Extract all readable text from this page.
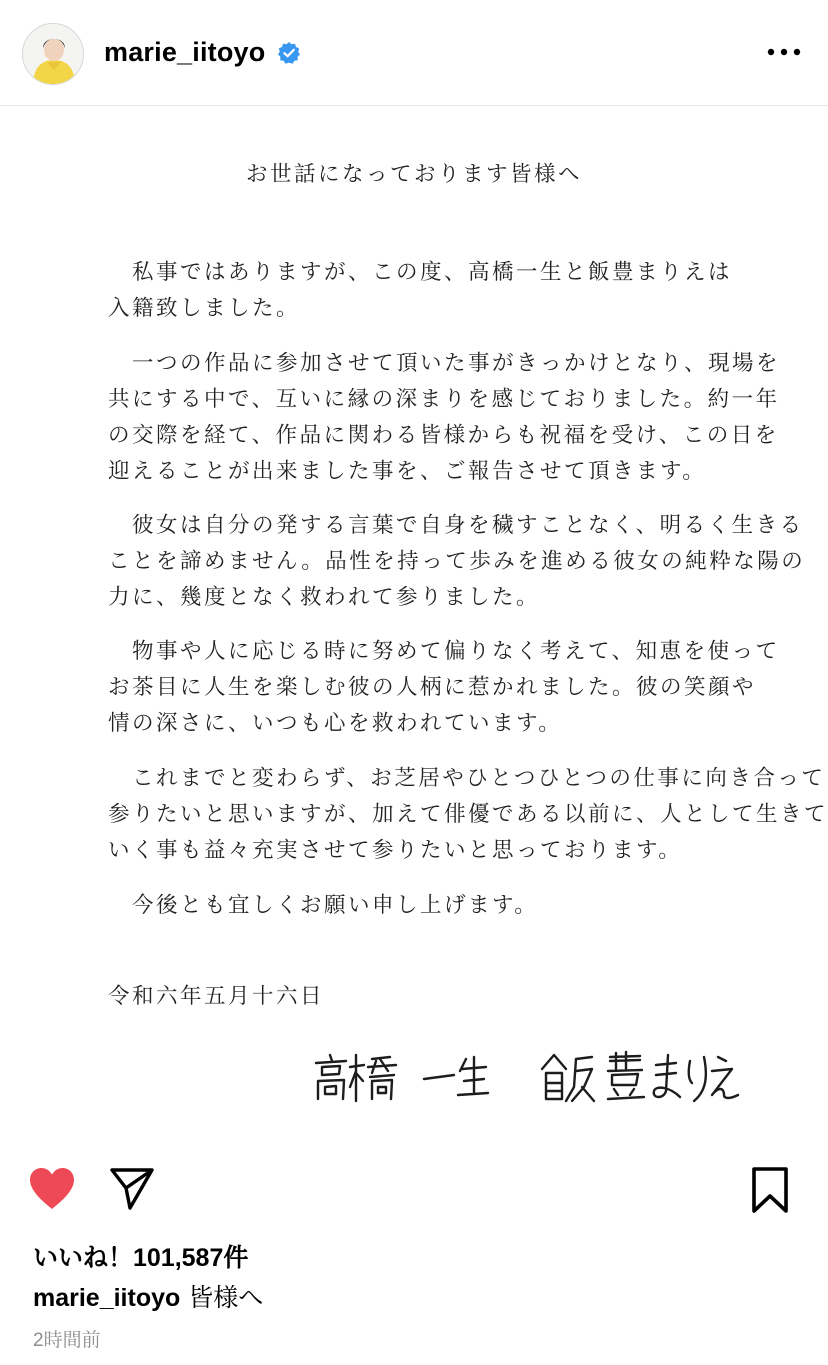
marie_iitoyo
お世話になっております皆様へ

　私事ではありますが、この度、高橋一生と飯豊まりえは
入籍致しました。

　一つの作品に参加させて頂いた事がきっかけとなり、現場を
共にする中で、互いに縁の深まりを感じておりました。約一年
の交際を経て、作品に関わる皆様からも祝福を受け、この日を
迎えることが出来ました事を、ご報告させて頂きます。

　彼女は自分の発する言葉で自身を穢すことなく、明るく生きる
ことを諦めません。品性を持って歩みを進める彼女の純粋な陽の
力に、幾度となく救われて参りました。

　物事や人に応じる時に努めて偏りなく考えて、知恵を使って
お茶目に人生を楽しむ彼の人柄に惹かれました。彼の笑顔や
情の深さに、いつも心を救われています。

　これまでと変わらず、お芝居やひとつひとつの仕事に向き合って
参りたいと思いますが、加えて俳優である以前に、人として生きて
いく事も益々充実させて参りたいと思っております。

　今後とも宜しくお願い申し上げます。

令和六年五月十六日
いいね！101,587件
marie_iitoyo 皆様へ
2時間前
